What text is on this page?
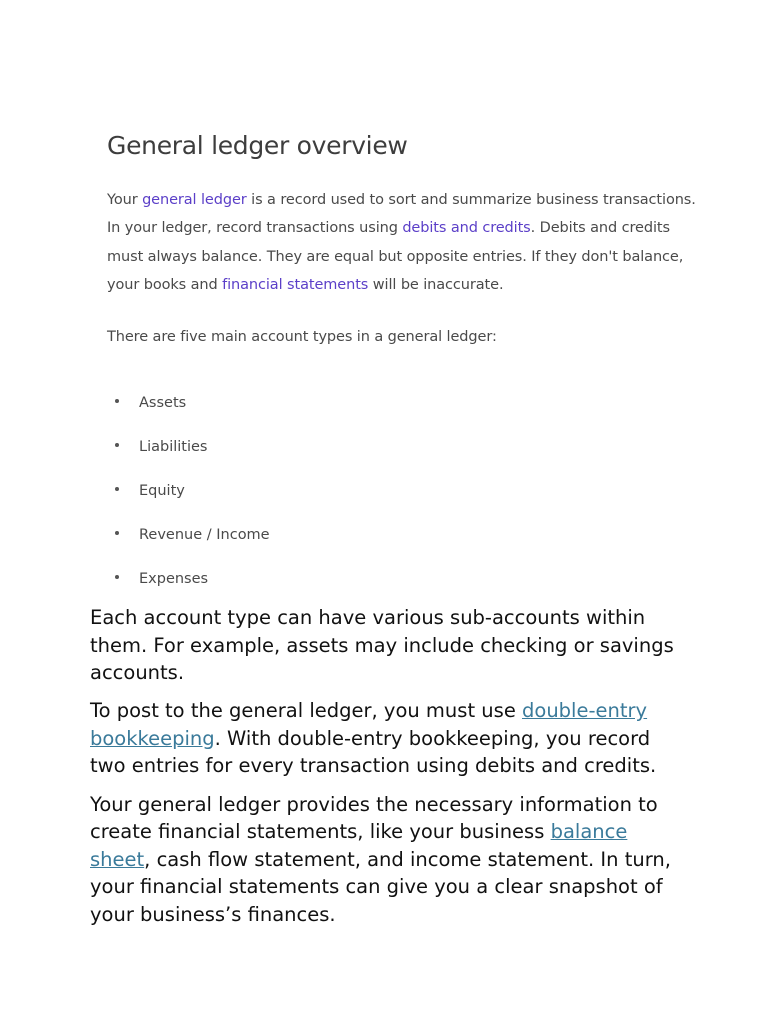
General ledger overview

Your general ledger is a record used to sort and summarize business transactions. In your ledger, record transactions using debits and credits. Debits and credits must always balance. They are equal but opposite entries. If they don't balance, your books and financial statements will be inaccurate.

There are five main account types in a general ledger:

Assets
Liabilities
Equity
Revenue / Income
Expenses

Each account type can have various sub-accounts within them. For example, assets may include checking or savings accounts.

To post to the general ledger, you must use double-entry bookkeeping. With double-entry bookkeeping, you record two entries for every transaction using debits and credits.

Your general ledger provides the necessary information to create financial statements, like your business balance sheet, cash flow statement, and income statement. In turn, your financial statements can give you a clear snapshot of your business’s finances.
